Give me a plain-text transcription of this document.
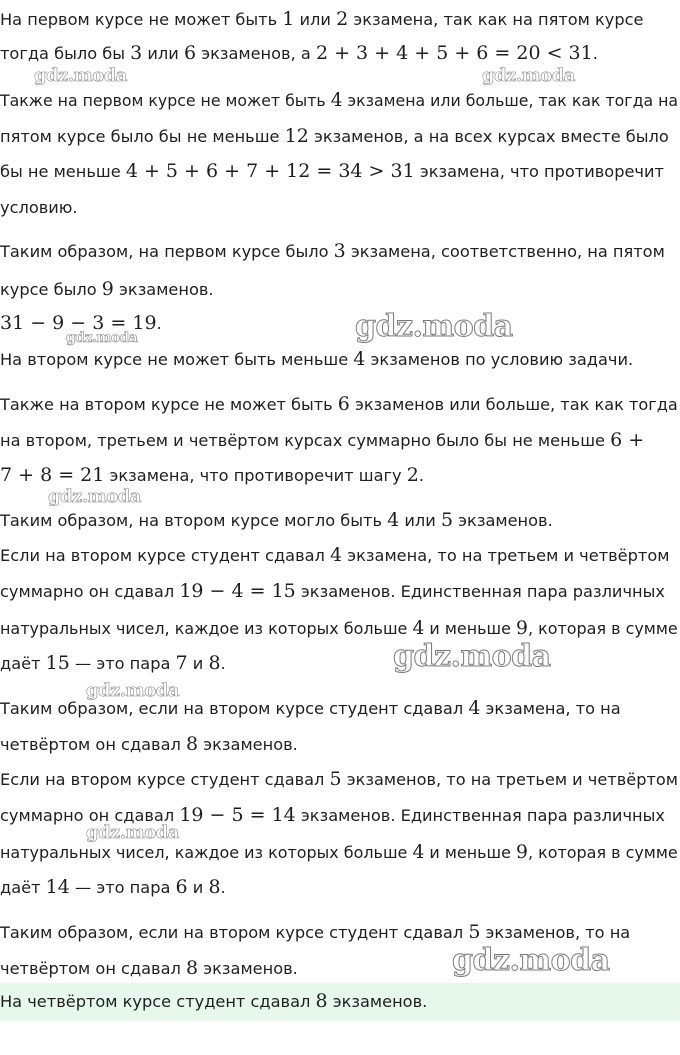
На первом курсе не может быть 1 или 2 экзамена, так как на пятом курсе
тогда было бы 3 или 6 экзаменов, а 2 + 3 + 4 + 5 + 6 = 20 < 31.
Также на первом курсе не может быть 4 экзамена или больше, так как тогда на
пятом курсе было бы не меньше 12 экзаменов, а на всех курсах вместе было
бы не меньше 4 + 5 + 6 + 7 + 12 = 34 > 31 экзамена, что противоречит
условию.
Таким образом, на первом курсе было 3 экзамена, соответственно, на пятом
курсе было 9 экзаменов.
31 − 9 − 3 = 19.
На втором курсе не может быть меньше 4 экзаменов по условию задачи.
Также на втором курсе не может быть 6 экзаменов или больше, так как тогда
на втором, третьем и четвёртом курсах суммарно было бы не меньше 6 +
7 + 8 = 21 экзамена, что противоречит шагу 2.
Таким образом, на втором курсе могло быть 4 или 5 экзаменов.
Если на втором курсе студент сдавал 4 экзамена, то на третьем и четвёртом
суммарно он сдавал 19 − 4 = 15 экзаменов. Единственная пара различных
натуральных чисел, каждое из которых больше 4 и меньше 9, которая в сумме
даёт 15 — это пара 7 и 8.
Таким образом, если на втором курсе студент сдавал 4 экзамена, то на
четвёртом он сдавал 8 экзаменов.
Если на втором курсе студент сдавал 5 экзаменов, то на третьем и четвёртом
суммарно он сдавал 19 − 5 = 14 экзаменов. Единственная пара различных
натуральных чисел, каждое из которых больше 4 и меньше 9, которая в сумме
даёт 14 — это пара 6 и 8.
Таким образом, если на втором курсе студент сдавал 5 экзаменов, то на
четвёртом он сдавал 8 экзаменов.
На четвёртом курсе студент сдавал 8 экзаменов.
gdz.moda	gdz.moda
gdz.moda
gdz.moda
gdz.moda
gdz.moda
gdz.moda
gdz.moda
gdz.moda
